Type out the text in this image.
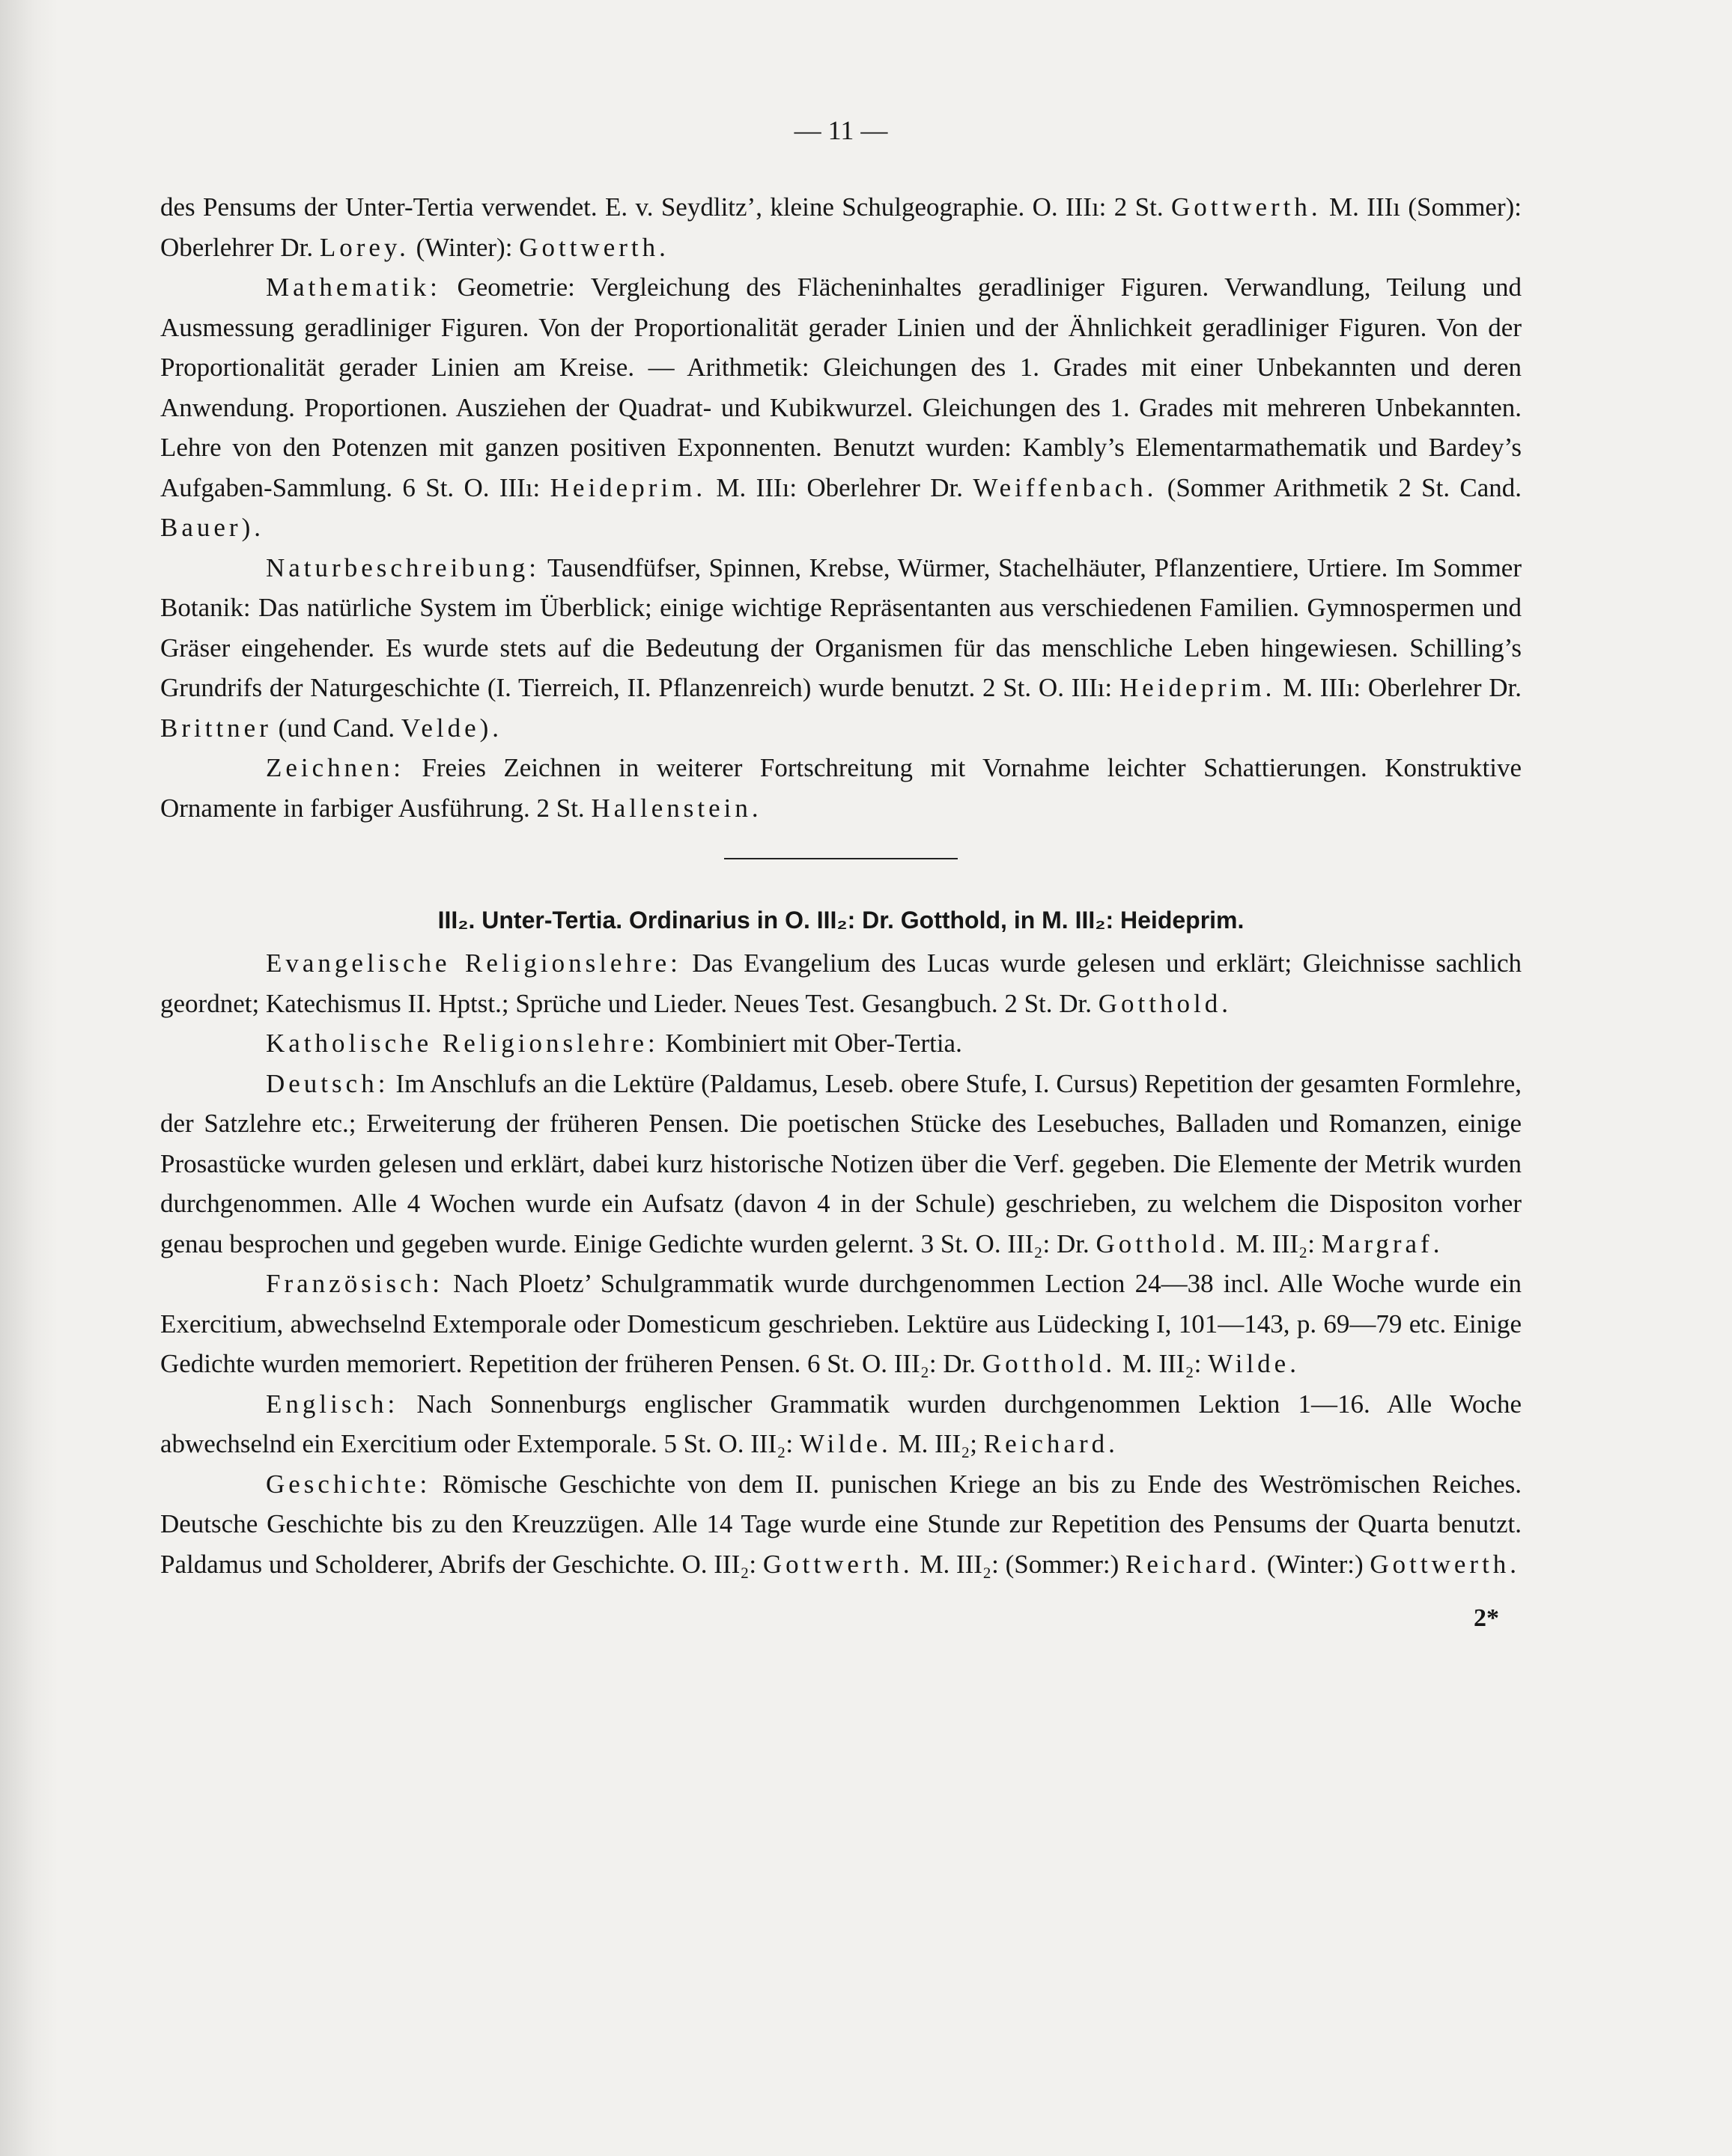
— 11 —

des Pensums der Unter-Tertia verwendet. E. v. Seydlitz’, kleine Schulgeographie. O. IIIı: 2 St. Gottwerth. M. IIIı (Sommer): Oberlehrer Dr. Lorey. (Winter): Gottwerth.

Mathematik: Geometrie: Vergleichung des Flächeninhaltes geradliniger Figuren. Verwandlung, Teilung und Ausmessung geradliniger Figuren. Von der Proportionalität gerader Linien und der Ähnlichkeit geradliniger Figuren. Von der Proportionalität gerader Linien am Kreise. — Arithmetik: Gleichungen des 1. Grades mit einer Unbekannten und deren Anwendung. Proportionen. Ausziehen der Quadrat- und Kubikwurzel. Gleichungen des 1. Grades mit mehreren Unbekannten. Lehre von den Potenzen mit ganzen positiven Exponnenten. Benutzt wurden: Kambly’s Elementarmathematik und Bardey’s Aufgaben-Sammlung. 6 St. O. IIIı: Heideprim. M. IIIı: Oberlehrer Dr. Weiffenbach. (Sommer Arithmetik 2 St. Cand. Bauer).

Naturbeschreibung: Tausendfüfser, Spinnen, Krebse, Würmer, Stachelhäuter, Pflanzentiere, Urtiere. Im Sommer Botanik: Das natürliche System im Überblick; einige wichtige Repräsentanten aus verschiedenen Familien. Gymnospermen und Gräser eingehender. Es wurde stets auf die Bedeutung der Organismen für das menschliche Leben hingewiesen. Schilling’s Grundrifs der Naturgeschichte (I. Tierreich, II. Pflanzenreich) wurde benutzt. 2 St. O. IIIı: Heideprim. M. IIIı: Oberlehrer Dr. Brittner (und Cand. Velde).

Zeichnen: Freies Zeichnen in weiterer Fortschreitung mit Vornahme leichter Schattierungen. Konstruktive Ornamente in farbiger Ausführung. 2 St. Hallenstein.

III₂. Unter-Tertia. Ordinarius in O. III₂: Dr. Gotthold, in M. III₂: Heideprim.

Evangelische Religionslehre: Das Evangelium des Lucas wurde gelesen und erklärt; Gleichnisse sachlich geordnet; Katechismus II. Hptst.; Sprüche und Lieder. Neues Test. Gesangbuch. 2 St. Dr. Gotthold.

Katholische Religionslehre: Kombiniert mit Ober-Tertia.

Deutsch: Im Anschlufs an die Lektüre (Paldamus, Leseb. obere Stufe, I. Cursus) Repetition der gesamten Formlehre, der Satzlehre etc.; Erweiterung der früheren Pensen. Die poetischen Stücke des Lesebuches, Balladen und Romanzen, einige Prosastücke wurden gelesen und erklärt, dabei kurz historische Notizen über die Verf. gegeben. Die Elemente der Metrik wurden durchgenommen. Alle 4 Wochen wurde ein Aufsatz (davon 4 in der Schule) geschrieben, zu welchem die Dispositon vorher genau besprochen und gegeben wurde. Einige Gedichte wurden gelernt. 3 St. O. III₂: Dr. Gotthold. M. III₂: Margraf.

Französisch: Nach Ploetz’ Schulgrammatik wurde durchgenommen Lection 24—38 incl. Alle Woche wurde ein Exercitium, abwechselnd Extemporale oder Domesticum geschrieben. Lektüre aus Lüdecking I, 101—143, p. 69—79 etc. Einige Gedichte wurden memoriert. Repetition der früheren Pensen. 6 St. O. III₂: Dr. Gotthold. M. III₂: Wilde.

Englisch: Nach Sonnenburgs englischer Grammatik wurden durchgenommen Lektion 1—16. Alle Woche abwechselnd ein Exercitium oder Extemporale. 5 St. O. III₂: Wilde. M. III₂; Reichard.

Geschichte: Römische Geschichte von dem II. punischen Kriege an bis zu Ende des Weströmischen Reiches. Deutsche Geschichte bis zu den Kreuzzügen. Alle 14 Tage wurde eine Stunde zur Repetition des Pensums der Quarta benutzt. Paldamus und Scholderer, Abrifs der Geschichte. O. III₂: Gottwerth. M. III₂: (Sommer:) Reichard. (Winter:) Gottwerth.

2*
